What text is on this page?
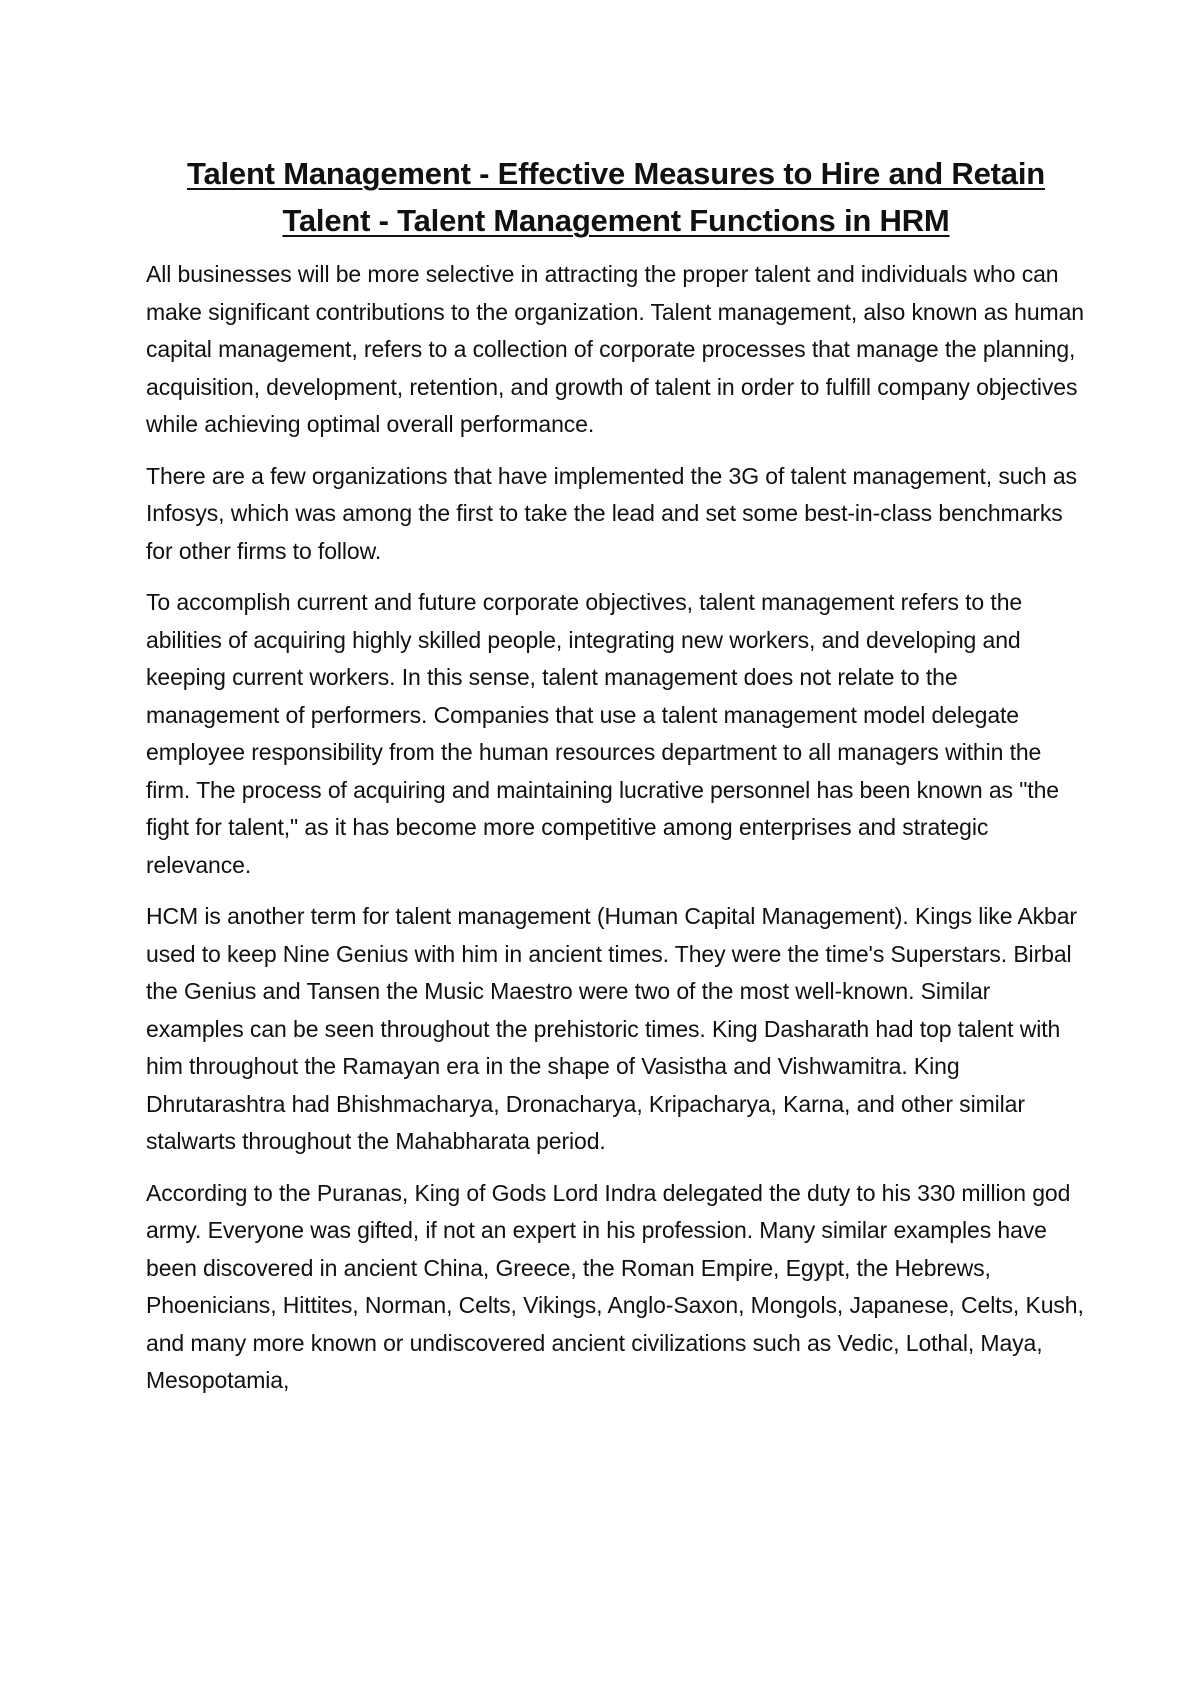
Talent Management - Effective Measures to Hire and Retain Talent - Talent Management Functions in HRM

All businesses will be more selective in attracting the proper talent and individuals who can make significant contributions to the organization. Talent management, also known as human capital management, refers to a collection of corporate processes that manage the planning, acquisition, development, retention, and growth of talent in order to fulfill company objectives while achieving optimal overall performance.

There are a few organizations that have implemented the 3G of talent management, such as Infosys, which was among the first to take the lead and set some best-in-class benchmarks for other firms to follow.

To accomplish current and future corporate objectives, talent management refers to the abilities of acquiring highly skilled people, integrating new workers, and developing and keeping current workers. In this sense, talent management does not relate to the management of performers. Companies that use a talent management model delegate employee responsibility from the human resources department to all managers within the firm. The process of acquiring and maintaining lucrative personnel has been known as "the fight for talent," as it has become more competitive among enterprises and strategic relevance.

HCM is another term for talent management (Human Capital Management). Kings like Akbar used to keep Nine Genius with him in ancient times. They were the time's Superstars. Birbal the Genius and Tansen the Music Maestro were two of the most well-known. Similar examples can be seen throughout the prehistoric times. King Dasharath had top talent with him throughout the Ramayan era in the shape of Vasistha and Vishwamitra. King Dhrutarashtra had Bhishmacharya, Dronacharya, Kripacharya, Karna, and other similar stalwarts throughout the Mahabharata period.

According to the Puranas, King of Gods Lord Indra delegated the duty to his 330 million god army. Everyone was gifted, if not an expert in his profession. Many similar examples have been discovered in ancient China, Greece, the Roman Empire, Egypt, the Hebrews, Phoenicians, Hittites, Norman, Celts, Vikings, Anglo-Saxon, Mongols, Japanese, Celts, Kush, and many more known or undiscovered ancient civilizations such as Vedic, Lothal, Maya, Mesopotamia,
